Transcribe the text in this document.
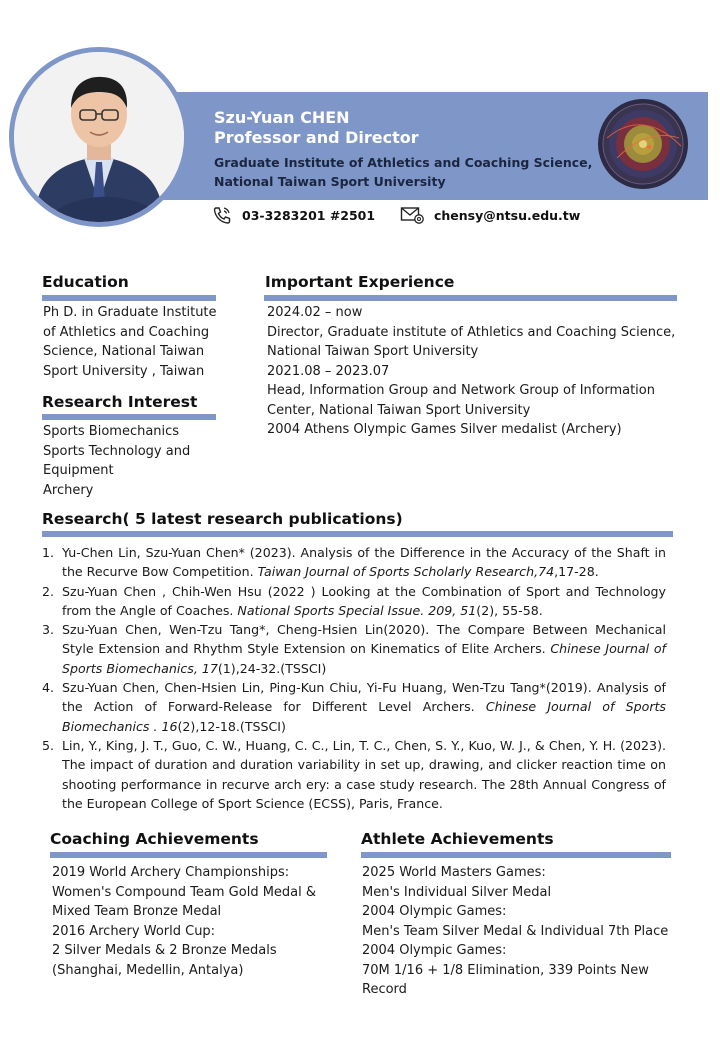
Szu-Yuan CHEN
Professor and Director
Graduate Institute of Athletics and Coaching Science,
National Taiwan Sport University
03-3283201 #2501	chensy@ntsu.edu.tw
Education
Ph D. in Graduate Institute
of Athletics and Coaching
Science, National Taiwan
Sport University , Taiwan
Research Interest
Sports Biomechanics
Sports Technology and
Equipment
Archery
Important Experience
2024.02 – now
Director, Graduate institute of Athletics and Coaching Science,
National Taiwan Sport University
2021.08 – 2023.07
Head, Information Group and Network Group of Information
Center, National Taiwan Sport University
2004 Athens Olympic Games Silver medalist (Archery)
Research( 5 latest research publications)
1. Yu-Chen Lin, Szu-Yuan Chen* (2023). Analysis of the Difference in the Accuracy of the Shaft in the Recurve Bow Competition. Taiwan Journal of Sports Scholarly Research,74,17-28.
2. Szu-Yuan Chen , Chih-Wen Hsu (2022 ) Looking at the Combination of Sport and Technology from the Angle of Coaches. National Sports Special Issue. 209, 51(2), 55-58.
3. Szu-Yuan Chen, Wen-Tzu Tang*, Cheng-Hsien Lin(2020). The Compare Between Mechanical Style Extension and Rhythm Style Extension on Kinematics of Elite Archers. Chinese Journal of Sports Biomechanics, 17(1),24-32.(TSSCI)
4. Szu-Yuan Chen, Chen-Hsien Lin, Ping-Kun Chiu, Yi-Fu Huang, Wen-Tzu Tang*(2019). Analysis of the Action of Forward-Release for Different Level Archers. Chinese Journal of Sports Biomechanics . 16(2),12-18.(TSSCI)
5. Lin, Y., King, J. T., Guo, C. W., Huang, C. C., Lin, T. C., Chen, S. Y., Kuo, W. J., & Chen, Y. H. (2023). The impact of duration and duration variability in set up, drawing, and clicker reaction time on shooting performance in recurve arch ery: a case study research. The 28th Annual Congress of the European College of Sport Science (ECSS), Paris, France.
Coaching Achievements
2019 World Archery Championships:
Women's Compound Team Gold Medal &
Mixed Team Bronze Medal
2016 Archery World Cup:
2 Silver Medals & 2 Bronze Medals
(Shanghai, Medellin, Antalya)
Athlete Achievements
2025 World Masters Games:
Men's Individual Silver Medal
2004 Olympic Games:
Men's Team Silver Medal & Individual 7th Place
2004 Olympic Games:
70M 1/16 + 1/8 Elimination, 339 Points New
Record
